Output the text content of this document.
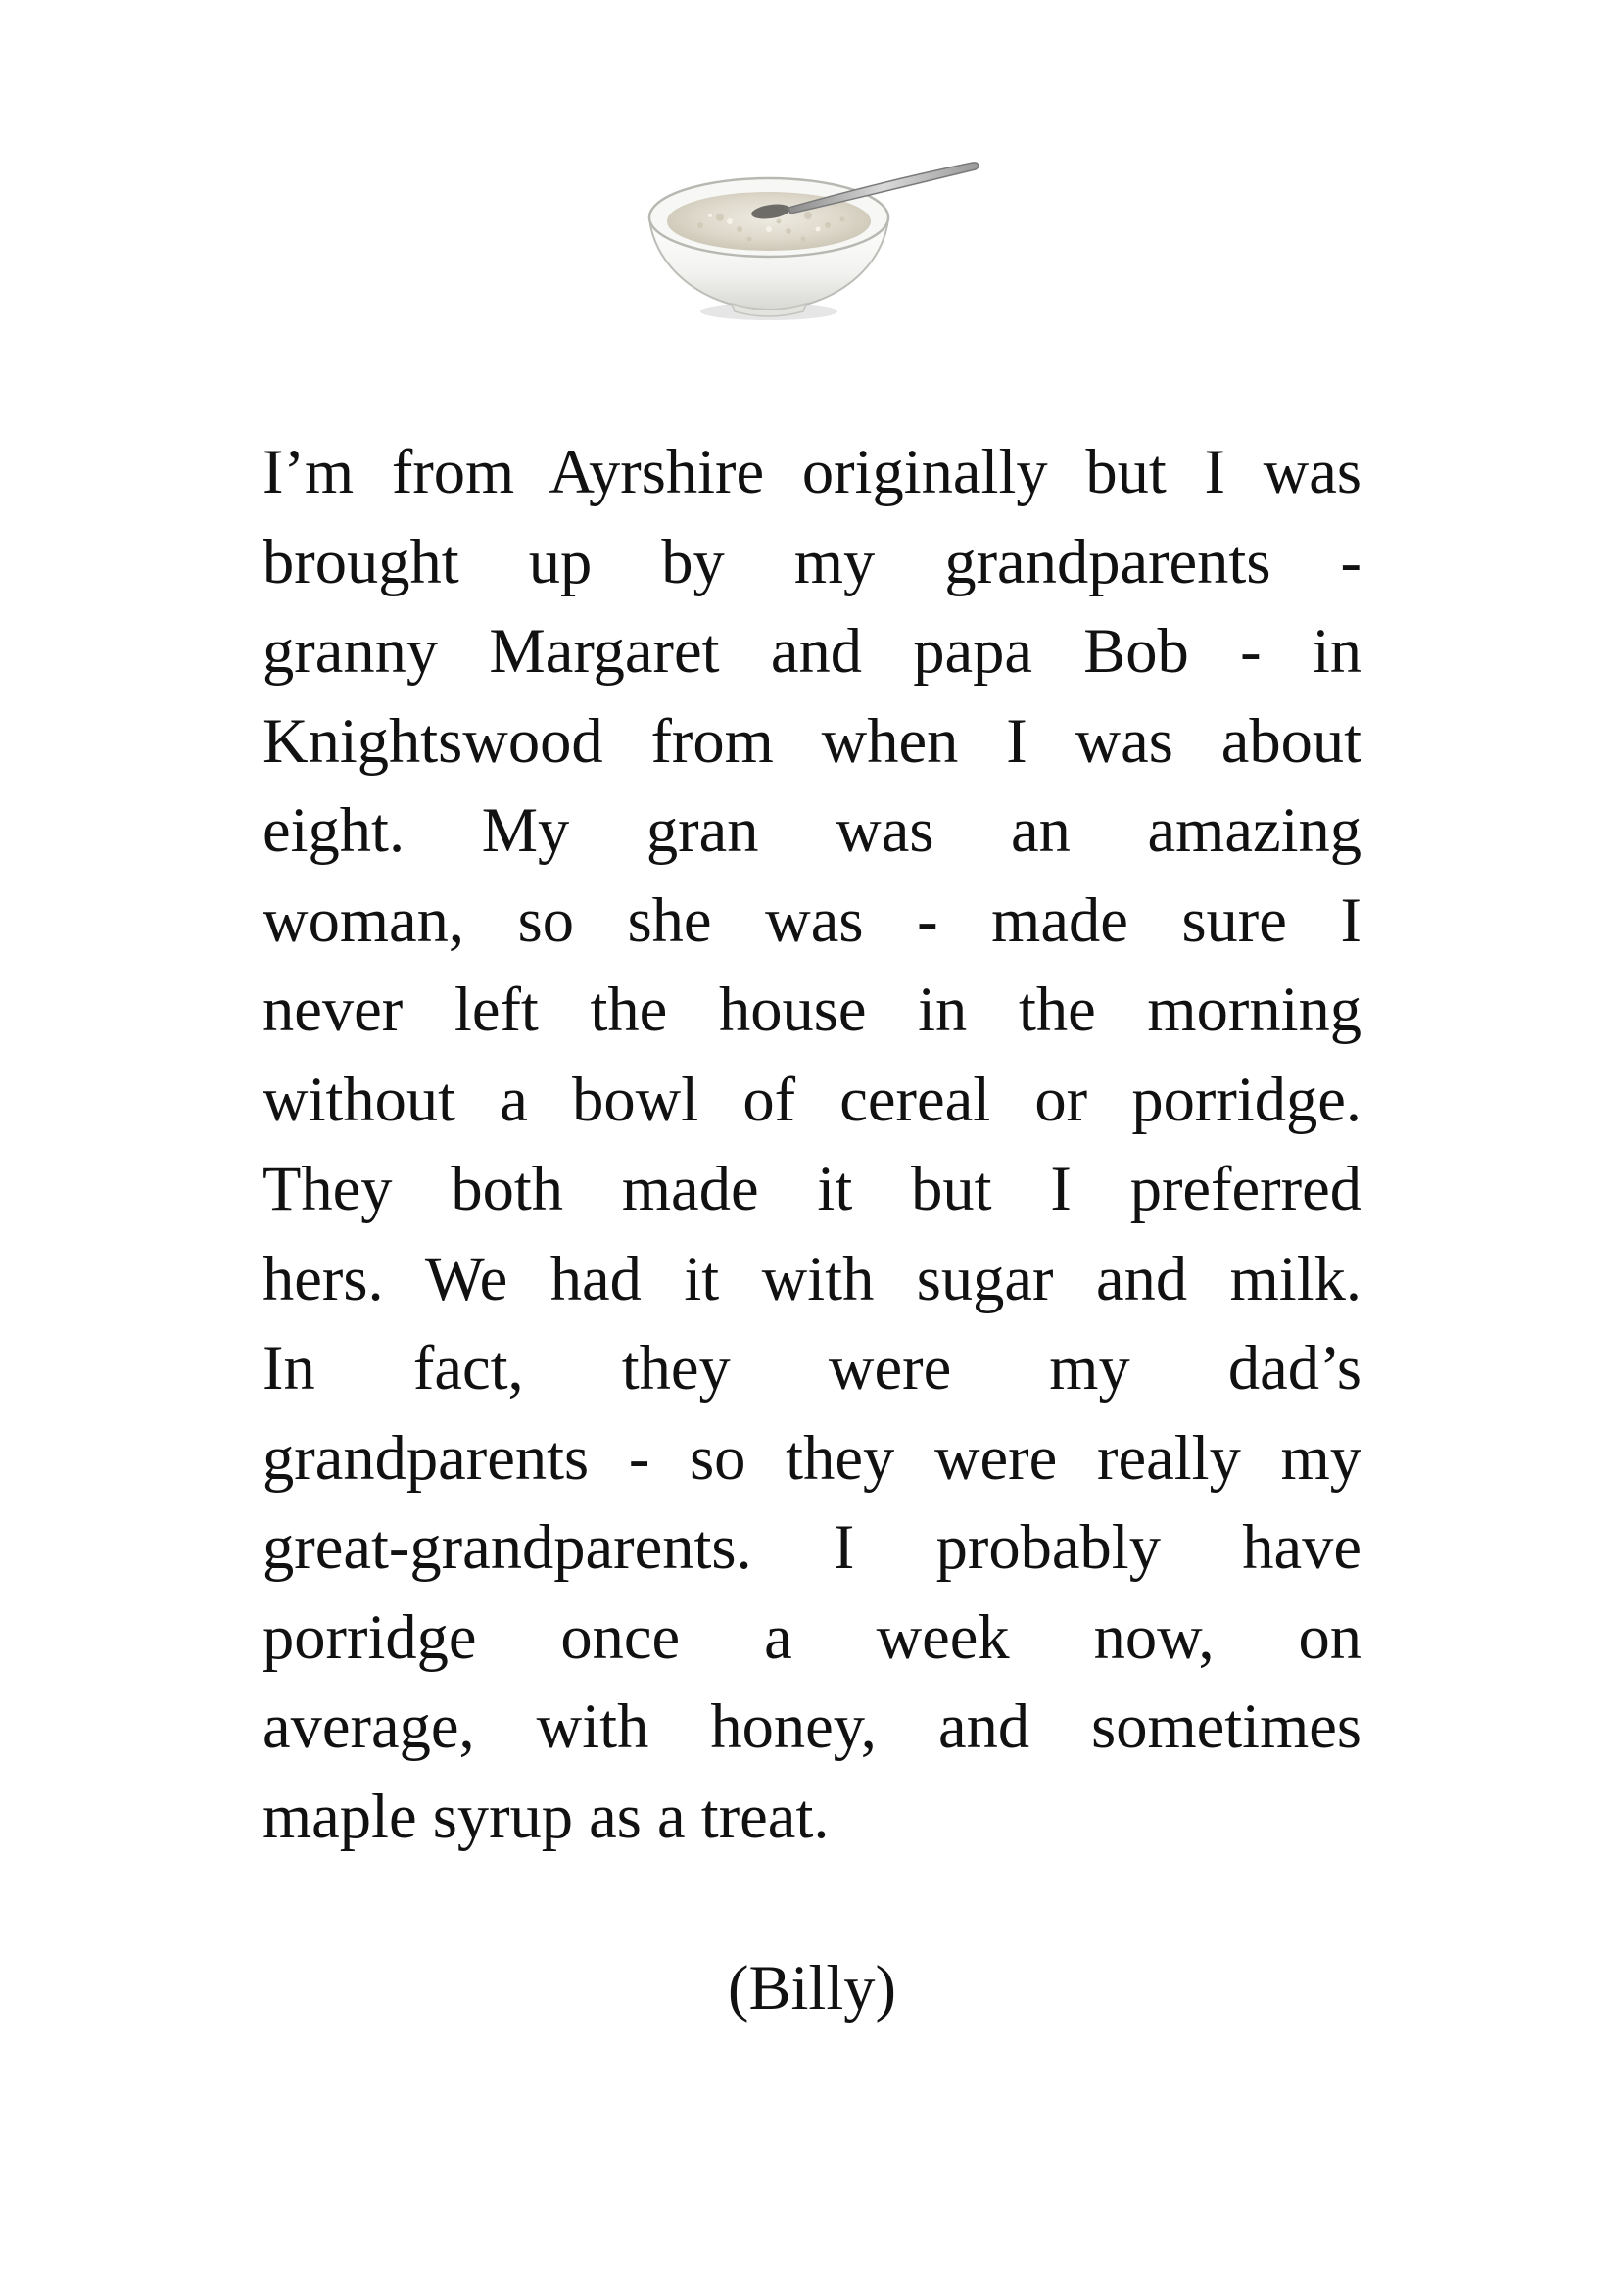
I’m from Ayrshire originally but I was
brought up by my grandparents -
granny Margaret and papa Bob - in
Knightswood from when I was about
eight. My gran was an amazing
woman, so she was - made sure I
never left the house in the morning
without a bowl of cereal or porridge.
They both made it but I preferred
hers. We had it with sugar and milk.
In fact, they were my dad’s
grandparents - so they were really my
great-grandparents. I probably have
porridge once a week now, on
average, with honey, and sometimes
maple syrup as a treat.
(Billy)
